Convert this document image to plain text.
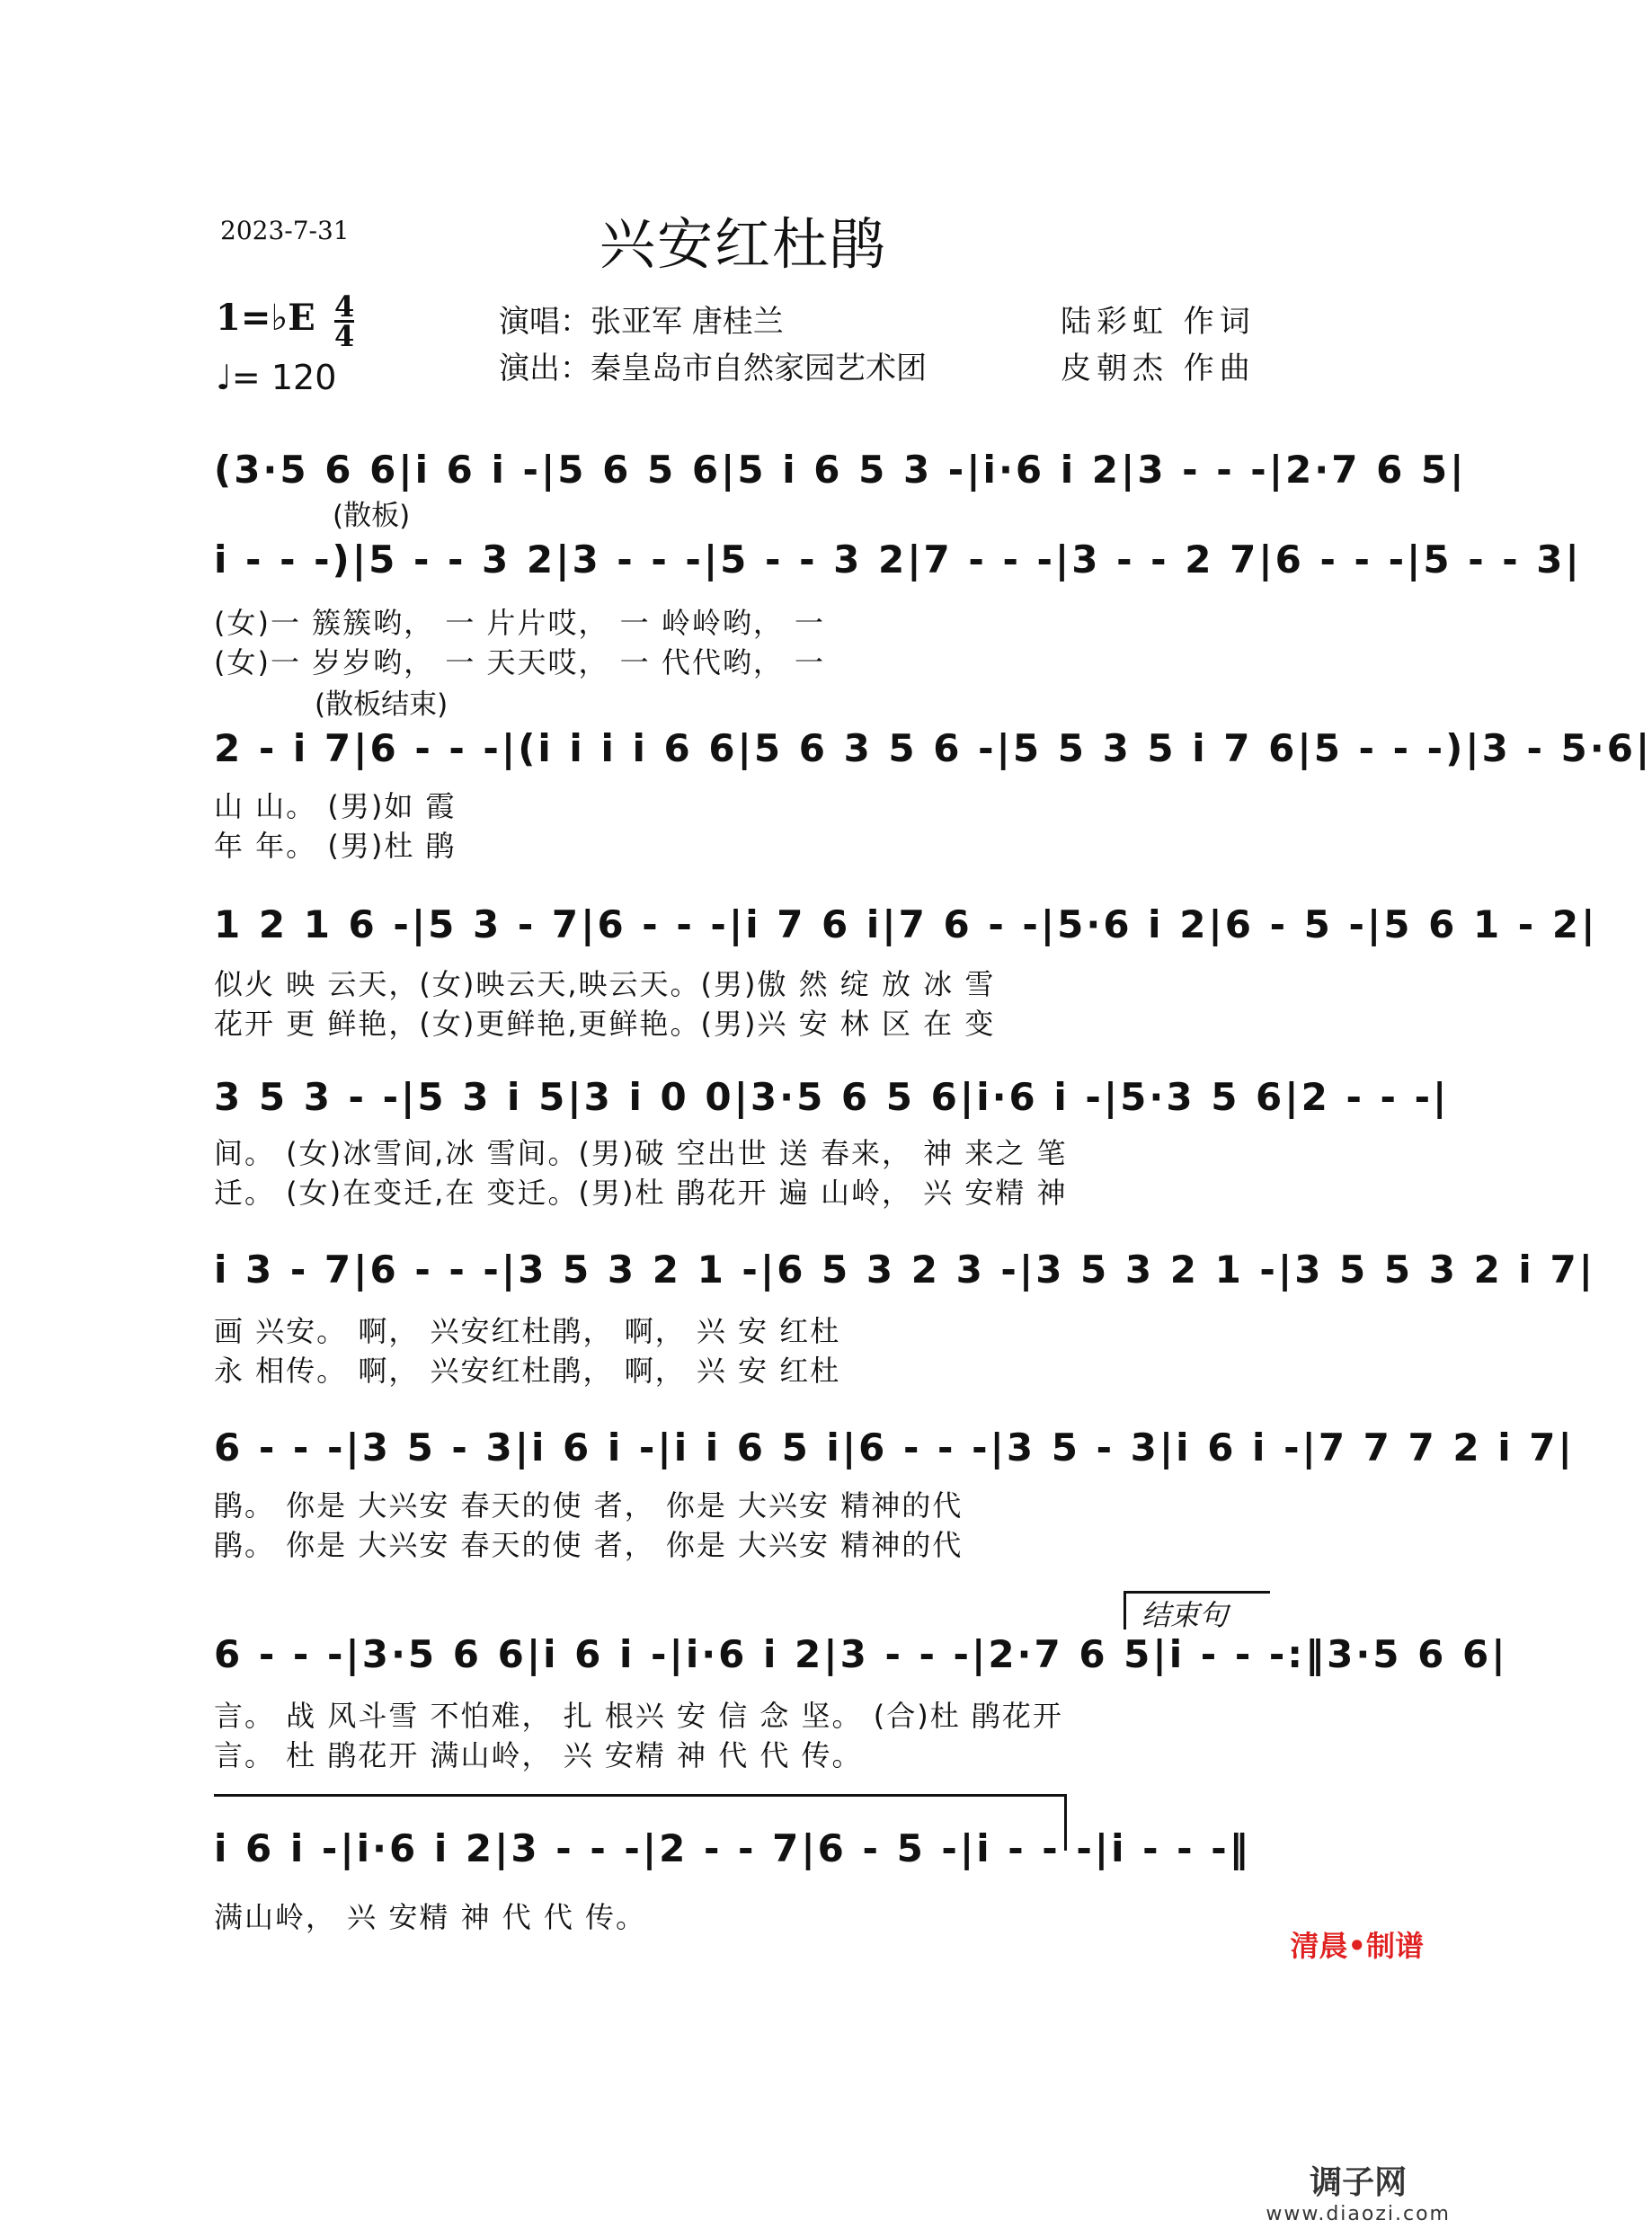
2023-7-31	兴安红杜鹃
1=♭E 4
4
♩= 120
演唱：张亚军 唐桂兰
演出：秦皇岛市自然家园艺术团
陆彩虹 作词
皮朝杰 作曲
(散板)
(散板结束)
(3·5 6 6|i 6 i -|5 6 5 6|5 i 6 5 3 -|i·6 i 2|3 - - -|2·7 6 5|
i - - -)|5 - - 3 2|3 - - -|5 - - 3 2|7 - - -|3 - - 2 7|6 - - -|5 - - 3|
(女)一 簇簇哟， 一 片片哎， 一 岭岭哟， 一
(女)一 岁岁哟， 一 天天哎， 一 代代哟， 一
2 - i 7|6 - - -|(i i i i 6 6|5 6 3 5 6 -|5 5 3 5 i 7 6|5 - - -)|3 - 5·6|
山 山。 (男)如 霞
年 年。 (男)杜 鹃
1 2 1 6 -|5 3 - 7|6 - - -|i 7 6 i|7 6 - -|5·6 i 2|6 - 5 -|5 6 1 - 2|
似火 映 云天，(女)映云天,映云天。(男)傲 然 绽 放 冰 雪
花开 更 鲜艳，(女)更鲜艳,更鲜艳。(男)兴 安 林 区 在 变
3 5 3 - -|5 3 i 5|3 i 0 0|3·5 6 5 6|i·6 i -|5·3 5 6|2 - - -|
间。 (女)冰雪间,冰 雪间。(男)破 空出世 送 春来， 神 来之 笔
迁。 (女)在变迁,在 变迁。(男)杜 鹃花开 遍 山岭， 兴 安精 神
i 3 - 7|6 - - -|3 5 3 2 1 -|6 5 3 2 3 -|3 5 3 2 1 -|3 5 5 3 2 i 7|
画 兴安。 啊， 兴安红杜鹃， 啊， 兴 安 红杜
永 相传。 啊， 兴安红杜鹃， 啊， 兴 安 红杜
6 - - -|3 5 - 3|i 6 i -|i i 6 5 i|6 - - -|3 5 - 3|i 6 i -|7 7 7 2 i 7|
鹃。 你是 大兴安 春天的使 者， 你是 大兴安 精神的代
鹃。 你是 大兴安 春天的使 者， 你是 大兴安 精神的代
结束句
6 - - -|3·5 6 6|i 6 i -|i·6 i 2|3 - - -|2·7 6 5|i - - -:‖3·5 6 6|
言。 战 风斗雪 不怕难， 扎 根兴 安 信 念 坚。 (合)杜 鹃花开
言。 杜 鹃花开 满山岭， 兴 安精 神 代 代 传。
i 6 i -|i·6 i 2|3 - - -|2 - - 7|6 - 5 -|i - - -|i - - -‖
满山岭， 兴 安精 神 代 代 传。
清晨•制谱
调子网
www.diaozi.com
